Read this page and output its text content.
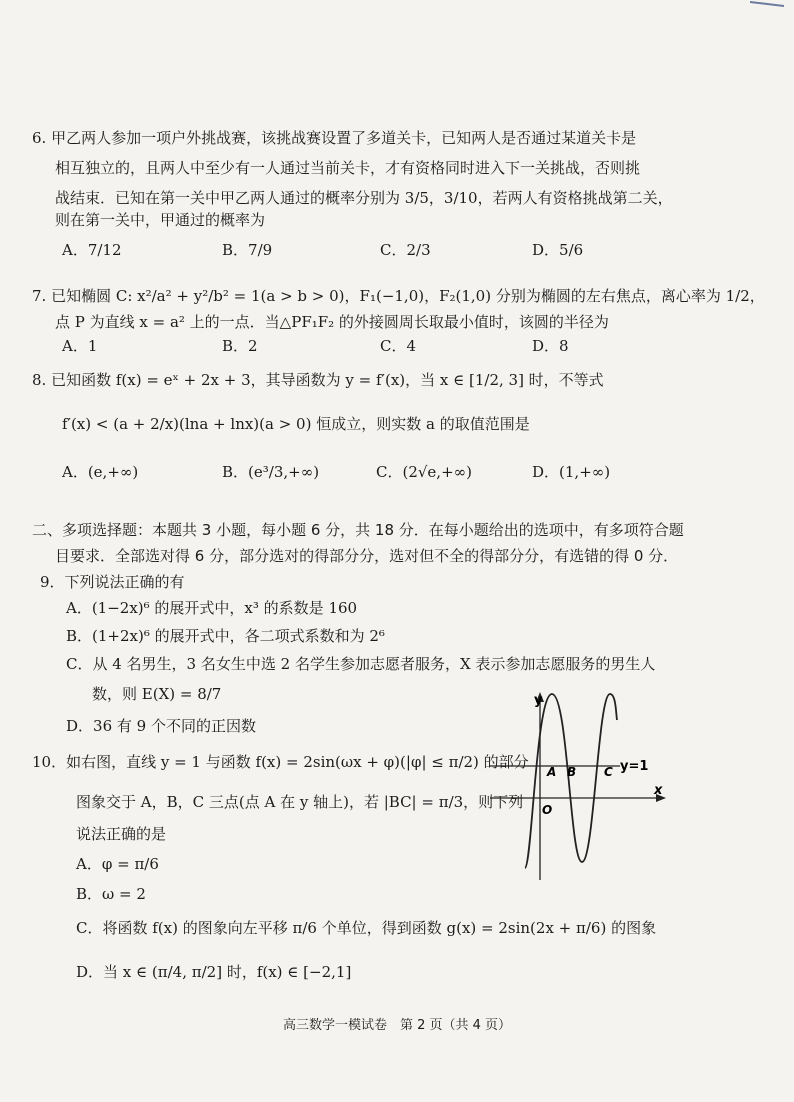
6. 甲乙两人参加一项户外挑战赛，该挑战赛设置了多道关卡，已知两人是否通过某道关卡是
相互独立的，且两人中至少有一人通过当前关卡，才有资格同时进入下一关挑战，否则挑
战结束．已知在第一关中甲乙两人通过的概率分别为 3/5，3/10，若两人有资格挑战第二关，
则在第一关中，甲通过的概率为
A．7/12	B．7/9	C．2/3	D．5/6
7. 已知椭圆 C: x²/a² + y²/b² = 1(a > b > 0)，F₁(−1,0)，F₂(1,0) 分别为椭圆的左右焦点，离心率为 1/2，
点 P 为直线 x = a² 上的一点．当△PF₁F₂ 的外接圆周长取最小值时，该圆的半径为
A．1	B．2	C．4	D．8
8. 已知函数 f(x) = eˣ + 2x + 3，其导函数为 y = f′(x)，当 x ∈ [1/2, 3] 时，不等式
f′(x) < (a + 2/x)(lna + lnx)(a > 0) 恒成立，则实数 a 的取值范围是
A．(e,+∞)	B．(e³/3,+∞)	C．(2√e,+∞)	D．(1,+∞)
二、多项选择题：本题共 3 小题，每小题 6 分，共 18 分．在每小题给出的选项中，有多项符合题
目要求．全部选对得 6 分，部分选对的得部分分，选对但不全的得部分分，有选错的得 0 分．
9．下列说法正确的有
A．(1−2x)⁶ 的展开式中，x³ 的系数是 160
B．(1+2x)⁶ 的展开式中，各二项式系数和为 2⁶
C．从 4 名男生，3 名女生中选 2 名学生参加志愿者服务，X 表示参加志愿服务的男生人
数，则 E(X) = 8/7
D．36 有 9 个不同的正因数
10．如右图，直线 y = 1 与函数 f(x) = 2sin(ωx + φ)(|φ| ≤ π/2) 的部分
图象交于 A，B，C 三点(点 A 在 y 轴上)，若 |BC| = π/3，则下列
说法正确的是
A．φ = π/6
B．ω = 2
C．将函数 f(x) 的图象向左平移 π/6 个单位，得到函数 g(x) = 2sin(2x + π/6) 的图象
D．当 x ∈ (π/4, π/2] 时，f(x) ∈ [−2,1]
y
x
O
A B C y=1
高三数学一模试卷　第 2 页（共 4 页）
